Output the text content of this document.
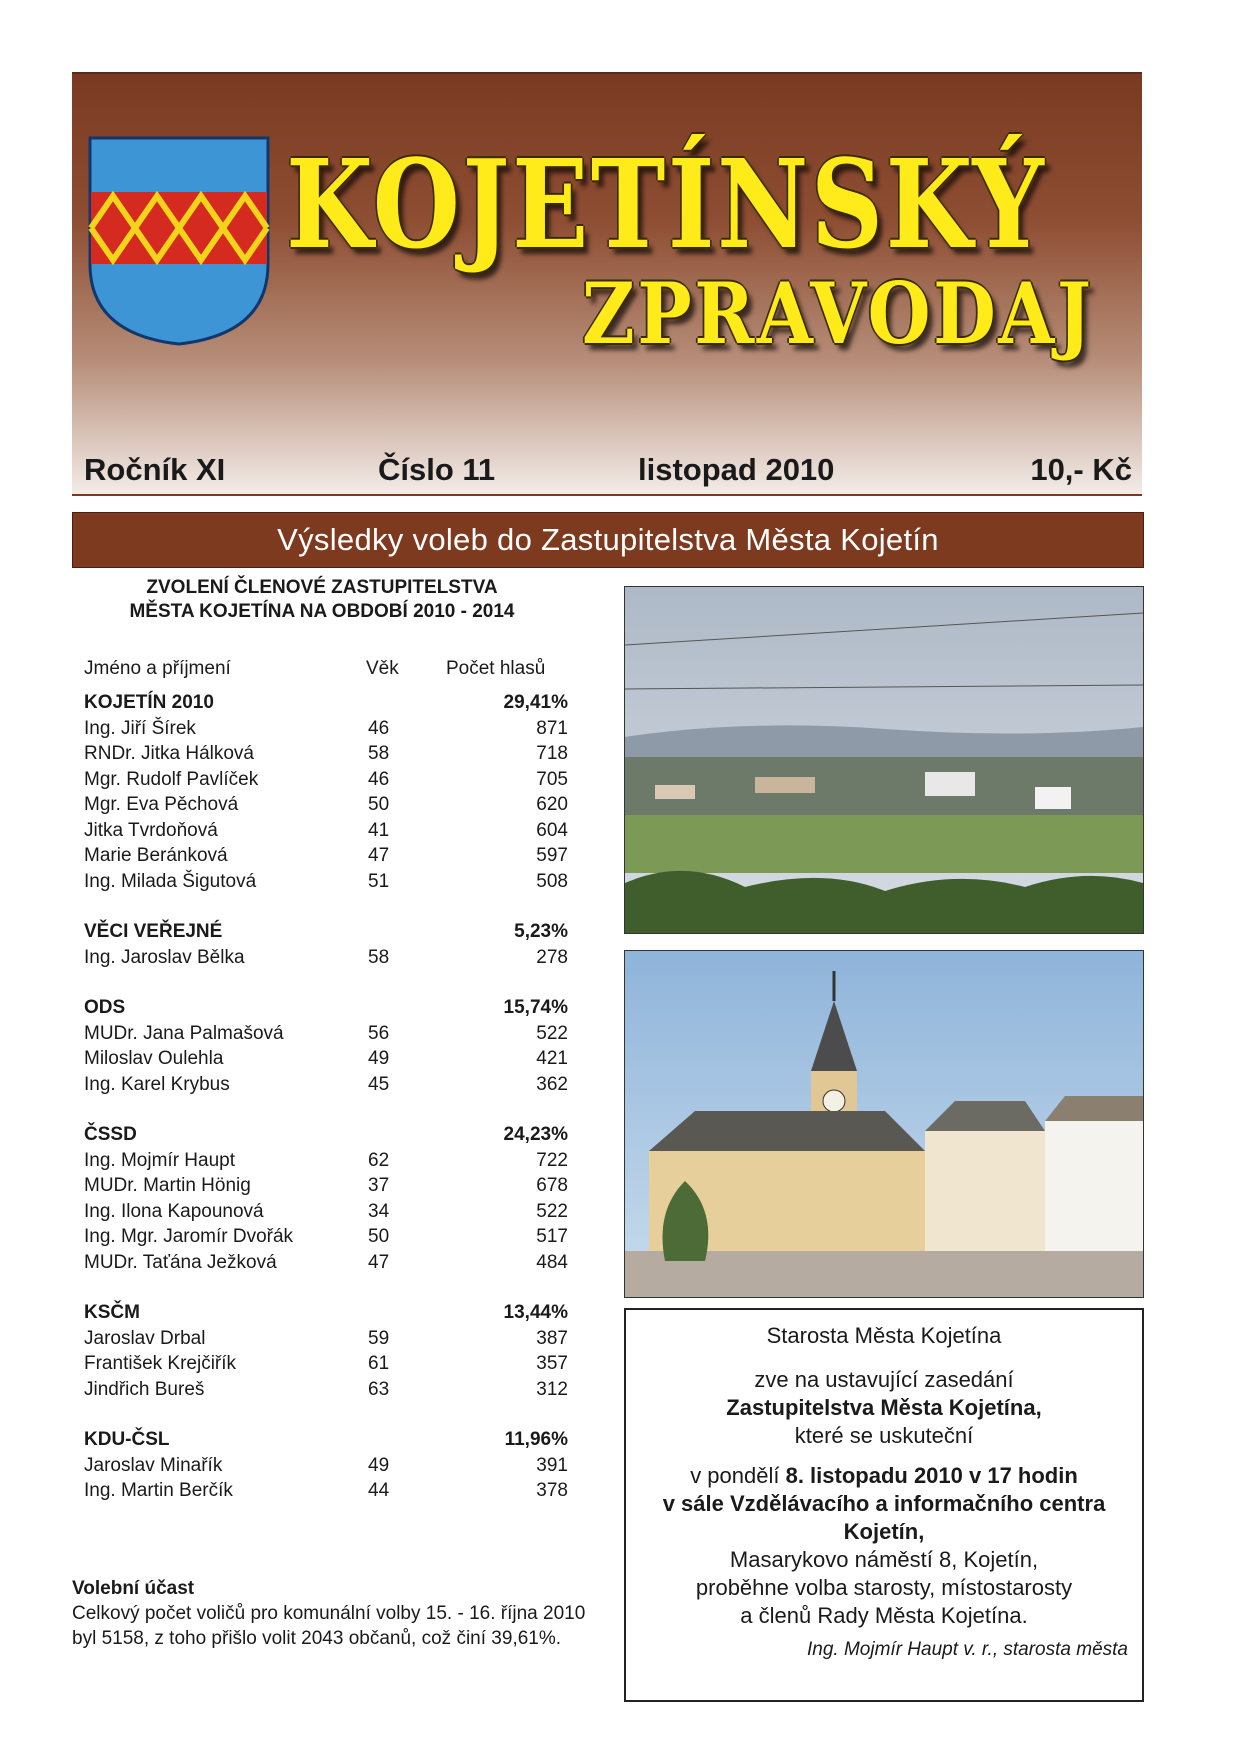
KOJETÍNSKÝ
ZPRAVODAJ
Ročník XI	Číslo 11	listopad 2010	10,- Kč
Výsledky voleb do Zastupitelstva Města Kojetín
ZVOLENÍ ČLENOVÉ ZASTUPITELSTVA
MĚSTA KOJETÍNA NA OBDOBÍ 2010 - 2014
Jméno a příjmení	Věk Počet hlasů
KOJETÍN 2010	29,41%
Ing. Jiří Šírek	46	871
RNDr. Jitka Hálková	58	718
Mgr. Rudolf Pavlíček	46	705
Mgr. Eva Pěchová	50	620
Jitka Tvrdoňová	41	604
Marie Beránková	47	597
Ing. Milada Šigutová	51	508
VĚCI VEŘEJNÉ	5,23%
Ing. Jaroslav Bělka	58	278
ODS	15,74%
MUDr. Jana Palmašová	56	522
Miloslav Oulehla	49	421
Ing. Karel Krybus	45	362
ČSSD	24,23%
Ing. Mojmír Haupt	62	722
MUDr. Martin Hönig	37	678
Ing. Ilona Kapounová	34	522
Ing. Mgr. Jaromír Dvořák	50	517
MUDr. Taťána Ježková	47	484
KSČM	13,44%
Jaroslav Drbal	59	387
František Krejčiřík	61	357
Jindřich Bureš	63	312
KDU-ČSL	11,96%
Jaroslav Minařík	49	391
Ing. Martin Berčík	44	378
Volební účast
Celkový počet voličů pro komunální volby 15. - 16. října 2010 byl 5158, z toho přišlo volit 2043 občanů, což činí 39,61%.

Starosta Města Kojetína

zve na ustavující zasedání

Zastupitelstva Města Kojetína,

které se uskuteční

v pondělí 8. listopadu 2010 v 17 hodin

v sále Vzdělávacího a informačního centra Kojetín,

Masarykovo náměstí 8, Kojetín,

proběhne volba starosty, místostarosty

a členů Rady Města Kojetína.

Ing. Mojmír Haupt v. r., starosta města
